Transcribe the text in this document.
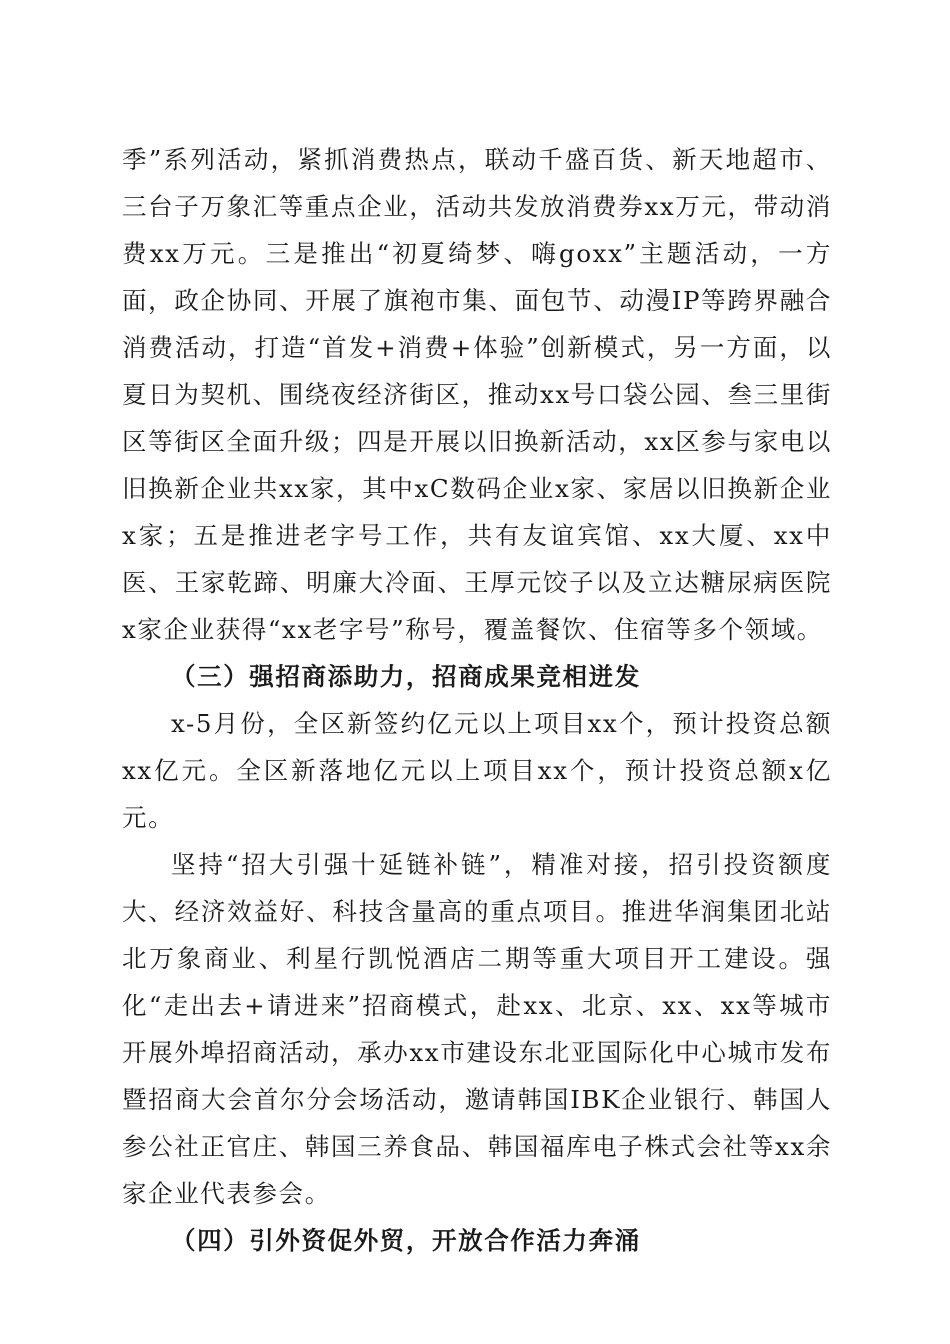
季”系列活动，紧抓消费热点，联动千盛百货、新天地超市、三台子万象汇等重点企业，活动共发放消费券xx万元，带动消费xx万元。三是推出“初夏绮梦、嗨goxx”主题活动，一方面，政企协同、开展了旗袍市集、面包节、动漫IP等跨界融合消费活动，打造“首发+消费+体验”创新模式，另一方面，以夏日为契机、围绕夜经济街区，推动xx号口袋公园、叁三里街区等街区全面升级；四是开展以旧换新活动，xx区参与家电以旧换新企业共xx家，其中xC数码企业x家、家居以旧换新企业x家；五是推进老字号工作，共有友谊宾馆、xx大厦、xx中医、王家乾蹄、明廉大冷面、王厚元饺子以及立达糖尿病医院x家企业获得“xx老字号”称号，覆盖餐饮、住宿等多个领域。

（三）强招商添助力，招商成果竞相迸发

x-5月份，全区新签约亿元以上项目xx个，预计投资总额xx亿元。全区新落地亿元以上项目xx个，预计投资总额x亿元。

坚持“招大引强十延链补链”，精准对接，招引投资额度大、经济效益好、科技含量高的重点项目。推进华润集团北站北万象商业、利星行凯悦酒店二期等重大项目开工建设。强化“走出去+请进来”招商模式，赴xx、北京、xx、xx等城市开展外埠招商活动，承办xx市建设东北亚国际化中心城市发布暨招商大会首尔分会场活动，邀请韩国IBK企业银行、韩国人参公社正官庄、韩国三养食品、韩国福库电子株式会社等xx余家企业代表参会。

（四）引外资促外贸，开放合作活力奔涌
